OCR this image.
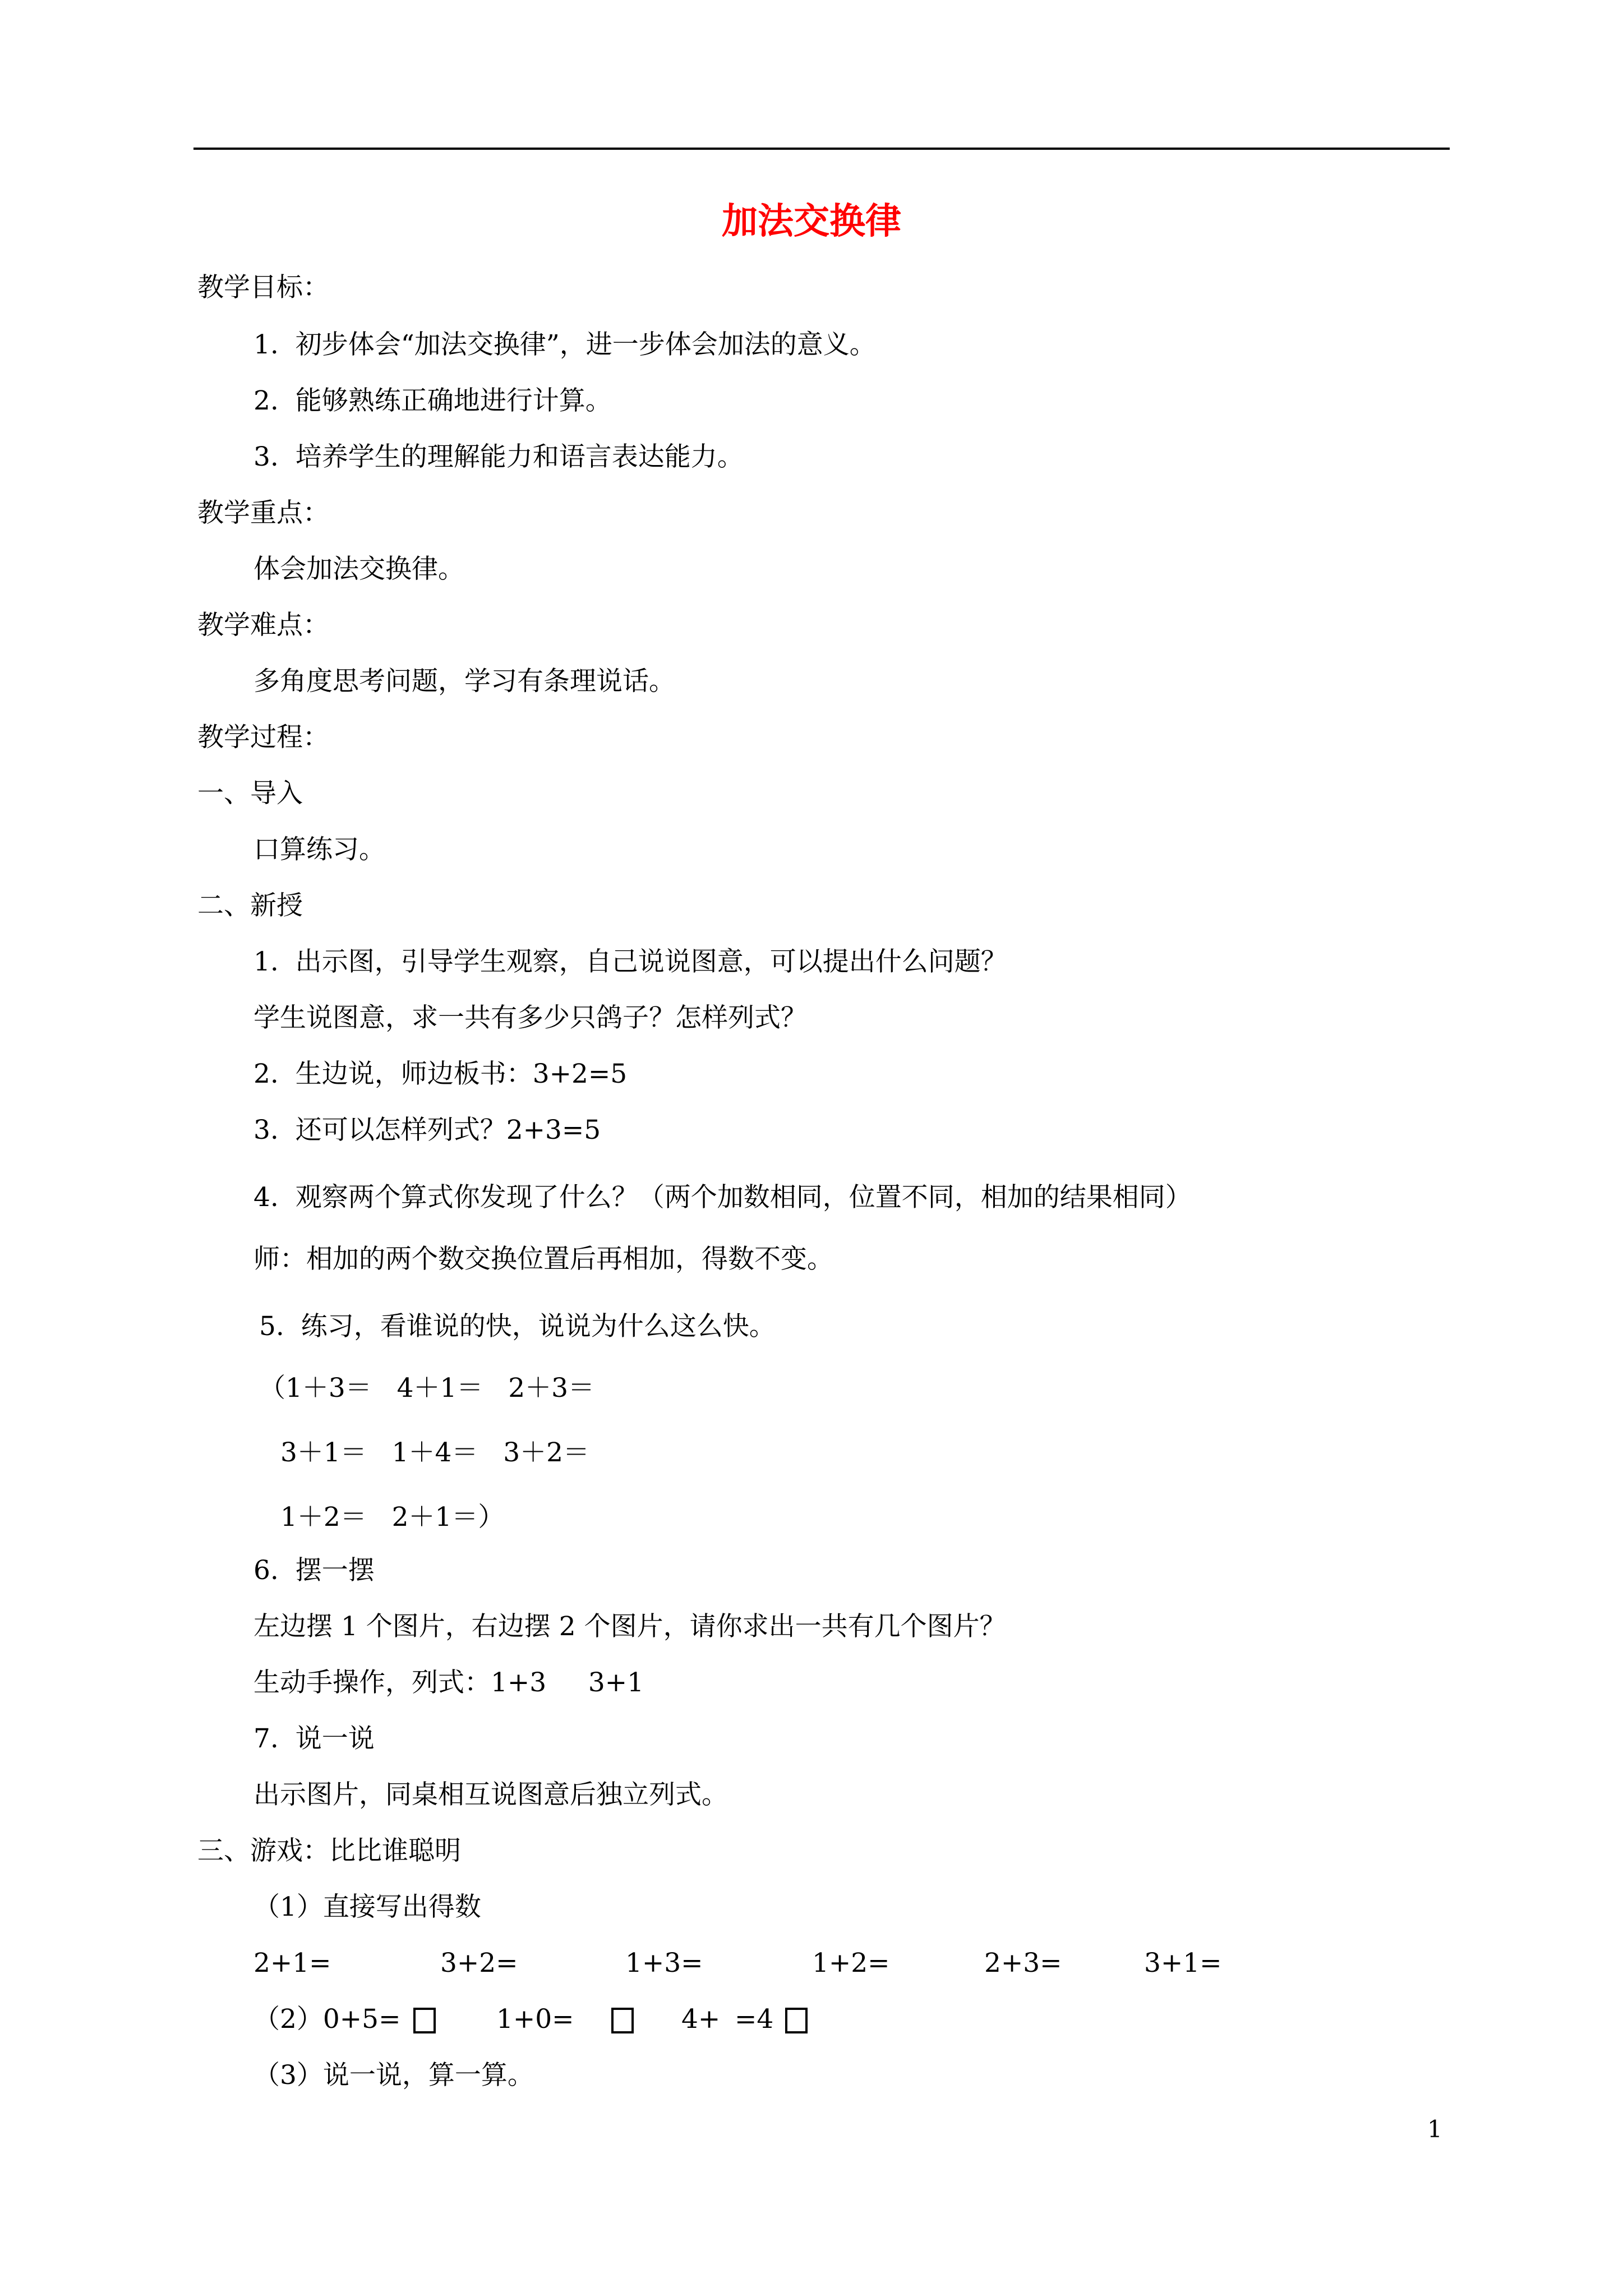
加法交换律
教学目标：
1.  初步体会“加法交换律”，进一步体会加法的意义。
2.  能够熟练正确地进行计算。
3.  培养学生的理解能力和语言表达能力。
教学重点：
体会加法交换律。
教学难点：
多角度思考问题，学习有条理说话。
教学过程：
一、导入
口算练习。
二、新授
1.  出示图，引导学生观察，自己说说图意，可以提出什么问题？
学生说图意，求一共有多少只鸽子？怎样列式？
2.  生边说，师边板书：3+2=5
3.  还可以怎样列式？2+3=5
4.  观察两个算式你发现了什么？（两个加数相同，位置不同，相加的结果相同）
师：相加的两个数交换位置后再相加，得数不变。
5.  练习，看谁说的快，说说为什么这么快。
（1＋3＝   4＋1＝   2＋3＝
3＋1＝   1＋4＝   3＋2＝
1＋2＝   2＋1＝）
6.  摆一摆
左边摆 1 个图片，右边摆 2 个图片，请你求出一共有几个图片？
生动手操作，列式：1+3     3+1
7.  说一说
出示图片，同桌相互说图意后独立列式。
三、游戏：比比谁聪明
（1）直接写出得数
2+1=	3+2=	1+3=	1+2=	2+3=	3+1=
（2）0+5=	1+0=	4+ =4
（3）说一说，算一算。
1
